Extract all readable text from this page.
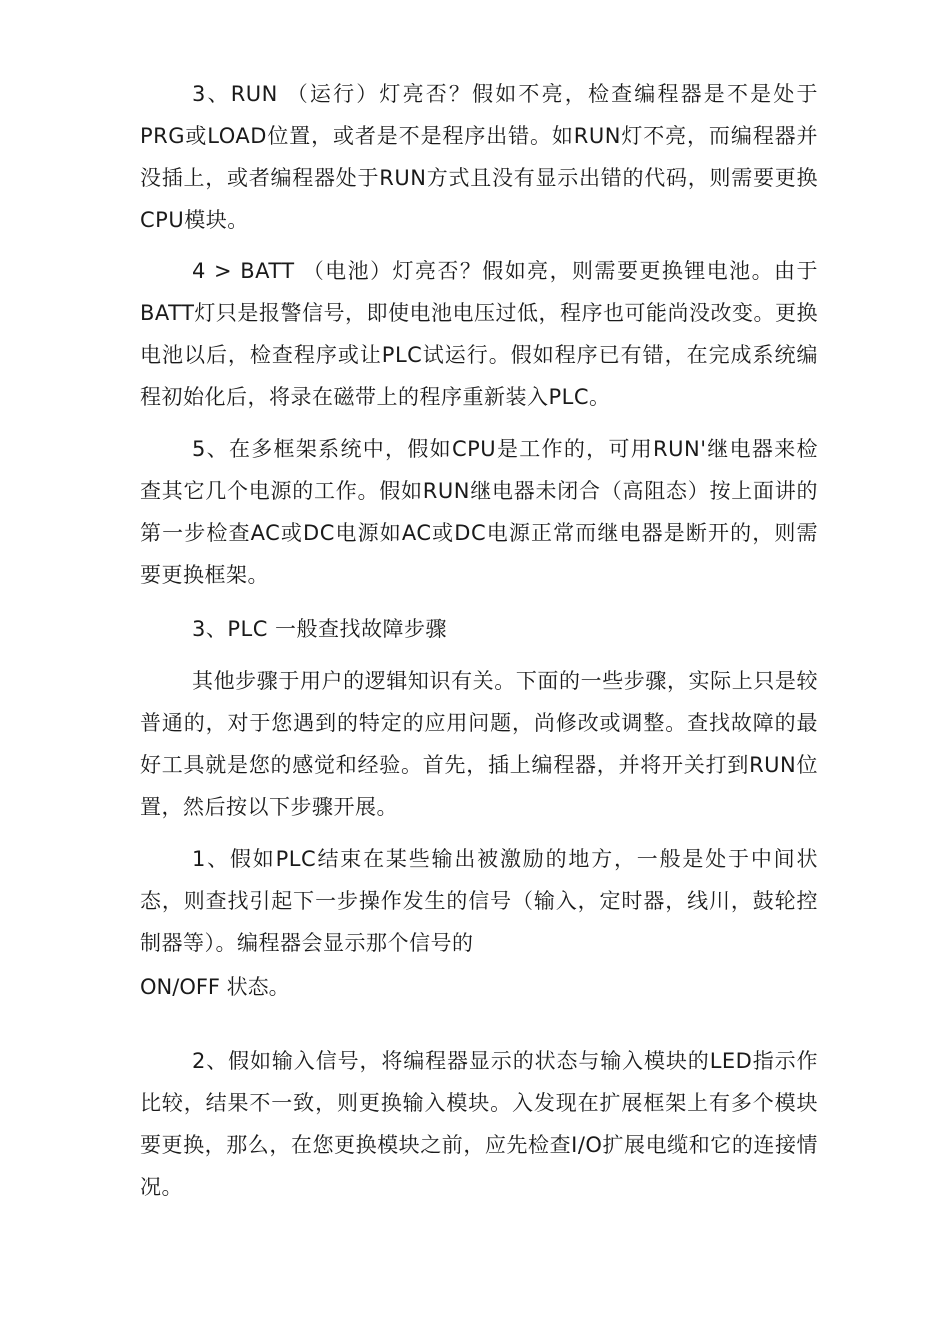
3、RUN （运行）灯亮否？假如不亮，检查编程器是不是处于PRG或LOAD位置，或者是不是程序出错。如RUN灯不亮，而编程器并没插上，或者编程器处于RUN方式且没有显示出错的代码，则需要更换CPU模块。

4 > BATT （电池）灯亮否？假如亮，则需要更换锂电池。由于BATT灯只是报警信号，即使电池电压过低，程序也可能尚没改变。更换电池以后，检查程序或让PLC试运行。假如程序已有错，在完成系统编程初始化后，将录在磁带上的程序重新装入PLC。

5、在多框架系统中，假如CPU是工作的，可用RUN'继电器来检查其它几个电源的工作。假如RUN继电器未闭合（高阻态）按上面讲的第一步检查AC或DC电源如AC或DC电源正常而继电器是断开的，则需要更换框架。

3、PLC 一般查找故障步骤

其他步骤于用户的逻辑知识有关。下面的一些步骤，实际上只是较普通的，对于您遇到的特定的应用问题，尚修改或调整。查找故障的最好工具就是您的感觉和经验。首先，插上编程器，并将开关打到RUN位置，然后按以下步骤开展。

1、假如PLC结束在某些输出被激励的地方，一般是处于中间状态，则查找引起下一步操作发生的信号（输入，定时器，线川，鼓轮控制器等）。编程器会显示那个信号的

ON/OFF 状态。

2、假如输入信号，将编程器显示的状态与输入模块的LED指示作比较，结果不一致，则更换输入模块。入发现在扩展框架上有多个模块要更换，那么，在您更换模块之前，应先检查I/O扩展电缆和它的连接情况。
